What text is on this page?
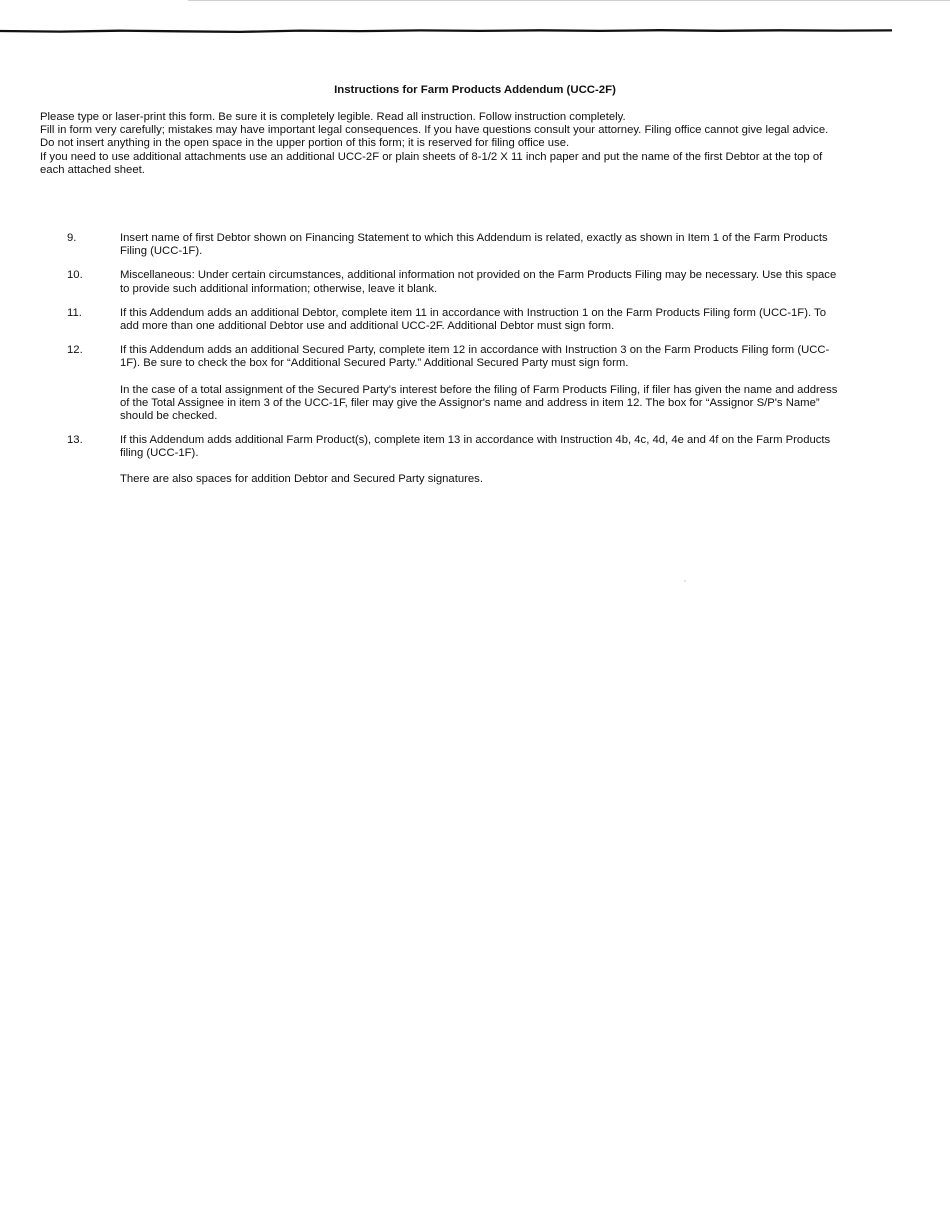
Instructions for Farm Products Addendum (UCC-2F)

Please type or laser-print this form. Be sure it is completely legible. Read all instruction. Follow instruction completely.

Fill in form very carefully; mistakes may have important legal consequences. If you have questions consult your attorney. Filing office cannot give legal advice.

Do not insert anything in the open space in the upper portion of this form; it is reserved for filing office use.

If you need to use additional attachments use an additional UCC-2F or plain sheets of 8-1/2 X 11 inch paper and put the name of the first Debtor at the top of each attached sheet.

9.	Insert name of first Debtor shown on Financing Statement to which this Addendum is related, exactly as shown in Item 1 of the Farm Products Filing (UCC-1F).
10.	Miscellaneous: Under certain circumstances, additional information not provided on the Farm Products Filing may be necessary. Use this space to provide such additional information; otherwise, leave it blank.
11.	If this Addendum adds an additional Debtor, complete item 11 in accordance with Instruction 1 on the Farm Products Filing form (UCC-1F). To add more than one additional Debtor use and additional UCC-2F. Additional Debtor must sign form.
12.	If this Addendum adds an additional Secured Party, complete item 12 in accordance with Instruction 3 on the Farm Products Filing form (UCC-1F). Be sure to check the box for “Additional Secured Party.” Additional Secured Party must sign form.
In the case of a total assignment of the Secured Party's interest before the filing of Farm Products Filing, if filer has given the name and address of the Total Assignee in item 3 of the UCC-1F, filer may give the Assignor's name and address in item 12. The box for “Assignor S/P's Name” should be checked.
13.	If this Addendum adds additional Farm Product(s), complete item 13 in accordance with Instruction 4b, 4c, 4d, 4e and 4f on the Farm Products filing (UCC-1F).
There are also spaces for addition Debtor and Secured Party signatures.
